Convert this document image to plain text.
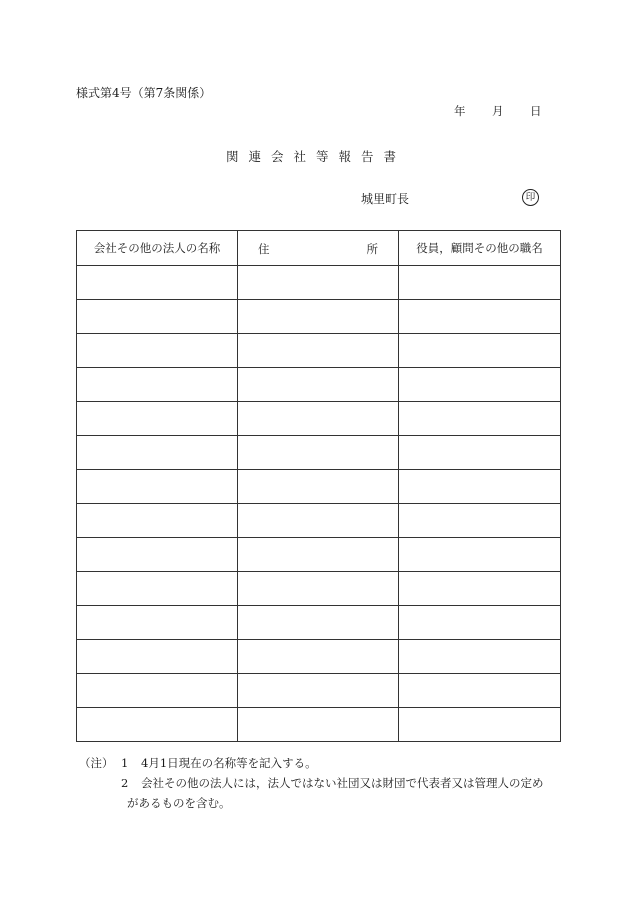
様式第4号（第7条関係）
年 月 日
関連会社等報告書
城里町長	印
会社その他の法人の名称	住 所	役員，顧問その他の職名

（注） 1	4月1日現在の名称等を記入する。
2	会社その他の法人には，法人ではない社団又は財団で代表者又は管理人の定め
があるものを含む。
